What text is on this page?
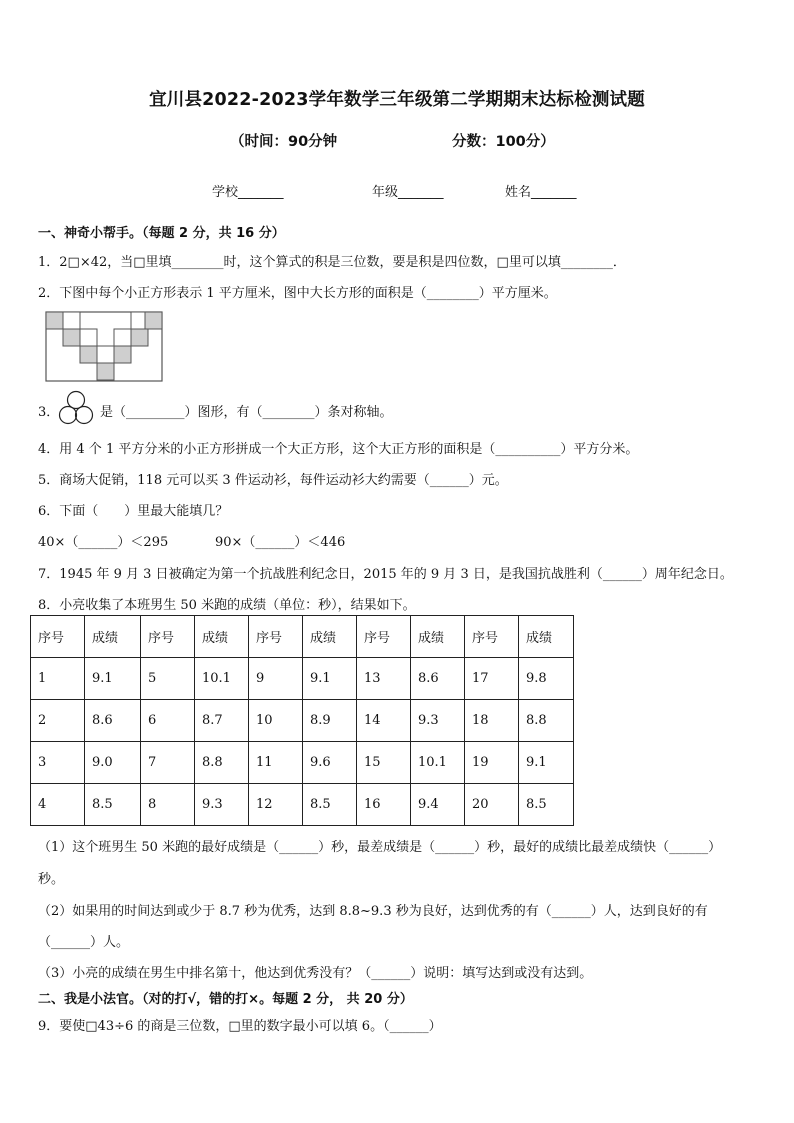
宜川县2022-2023学年数学三年级第二学期期末达标检测试题
（时间：90分钟	分数：100分）
学校_______	年级_______	姓名_______
一、神奇小帮手。（每题 2 分，共 16 分）
1．2□×42，当□里填________时，这个算式的积是三位数，要是积是四位数，□里可以填________．
2．下图中每个小正方形表示 1 平方厘米，图中大长方形的面积是（________）平方厘米。
3．	是（_________）图形，有（________）条对称轴。
4．用 4 个 1 平方分米的小正方形拼成一个大正方形，这个大正方形的面积是（__________）平方分米。
5．商场大促销，118 元可以买 3 件运动衫，每件运动衫大约需要（______）元。
6．下面（　　）里最大能填几？
40×（______）＜295	90×（______）＜446
7．1945 年 9 月 3 日被确定为第一个抗战胜利纪念日，2015 年的 9 月 3 日，是我国抗战胜利（______）周年纪念日。
8．小亮收集了本班男生 50 米跑的成绩（单位：秒），结果如下。
序号	成绩	序号	成绩	序号	成绩	序号	成绩	序号	成绩
1	9.1	5	10.1	9	9.1	13	8.6	17	9.8
2	8.6	6	8.7	10	8.9	14	9.3	18	8.8
3	9.0	7	8.8	11	9.6	15	10.1	19	9.1
4	8.5	8	9.3	12	8.5	16	9.4	20	8.5
（1）这个班男生 50 米跑的最好成绩是（______）秒，最差成绩是（______）秒，最好的成绩比最差成绩快（______）
秒。
（2）如果用的时间达到或少于 8.7 秒为优秀，达到 8.8~9.3 秒为良好，达到优秀的有（______）人，达到良好的有
（______）人。
（3）小亮的成绩在男生中排名第十，他达到优秀没有？（______）说明：填写达到或没有达到。
二、我是小法官。（对的打√，错的打×。每题 2 分， 共 20 分）
9．要使□43÷6 的商是三位数，□里的数字最小可以填 6。（______）
